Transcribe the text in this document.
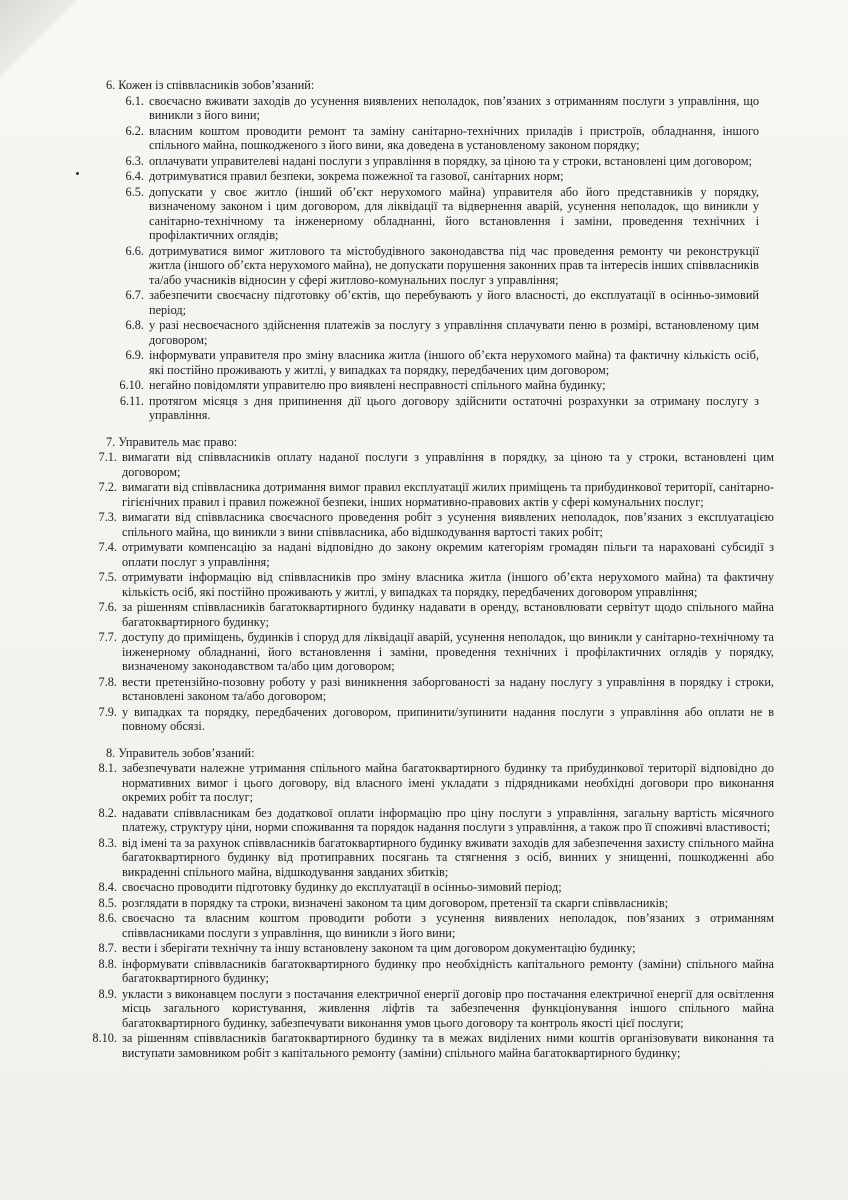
6. Кожен із співвласників зобов’язаний:
6.1. своєчасно вживати заходів до усунення виявлених неполадок, пов’язаних з отриманням послуги з управління, що виникли з його вини;
6.2. власним коштом проводити ремонт та заміну санітарно-технічних приладів і пристроїв, обладнання, іншого спільного майна, пошкодженого з його вини, яка доведена в установленому законом порядку;
6.3. оплачувати управителеві надані послуги з управління в порядку, за ціною та у строки, встановлені цим договором;
6.4. дотримуватися правил безпеки, зокрема пожежної та газової, санітарних норм;
6.5. допускати у своє житло (інший об’єкт нерухомого майна) управителя або його представників у порядку, визначеному законом і цим договором, для ліквідації та відвернення аварій, усунення неполадок, що виникли у санітарно-технічному та інженерному обладнанні, його встановлення і заміни, проведення технічних і профілактичних оглядів;
6.6. дотримуватися вимог житлового та містобудівного законодавства під час проведення ремонту чи реконструкції житла (іншого об’єкта нерухомого майна), не допускати порушення законних прав та інтересів інших співвласників та/або учасників відносин у сфері житлово-комунальних послуг з управління;
6.7. забезпечити своєчасну підготовку об’єктів, що перебувають у його власності, до експлуатації в осінньо-зимовий період;
6.8. у разі несвоєчасного здійснення платежів за послугу з управління сплачувати пеню в розмірі, встановленому цим договором;
6.9. інформувати управителя про зміну власника житла (іншого об’єкта нерухомого майна) та фактичну кількість осіб, які постійно проживають у житлі, у випадках та порядку, передбачених цим договором;
6.10. негайно повідомляти управителю про виявлені несправності спільного майна будинку;
6.11. протягом місяця з дня припинення дії цього договору здійснити остаточні розрахунки за отриману послугу з управління.
7. Управитель має право:
7.1. вимагати від співвласників оплату наданої послуги з управління в порядку, за ціною та у строки, встановлені цим договором;
7.2. вимагати від співвласника дотримання вимог правил експлуатації жилих приміщень та прибудинкової території, санітарно-гігієнічних правил і правил пожежної безпеки, інших нормативно-правових актів у сфері комунальних послуг;
7.3. вимагати від співвласника своєчасного проведення робіт з усунення виявлених неполадок, пов’язаних з експлуатацією спільного майна, що виникли з вини співвласника, або відшкодування вартості таких робіт;
7.4. отримувати компенсацію за надані відповідно до закону окремим категоріям громадян пільги та нараховані субсидії з оплати послуг з управління;
7.5. отримувати інформацію від співвласників про зміну власника житла (іншого об’єкта нерухомого майна) та фактичну кількість осіб, які постійно проживають у житлі, у випадках та порядку, передбачених договором управління;
7.6. за рішенням співвласників багатоквартирного будинку надавати в оренду, встановлювати сервітут щодо спільного майна багатоквартирного будинку;
7.7. доступу до приміщень, будинків і споруд для ліквідації аварій, усунення неполадок, що виникли у санітарно-технічному та інженерному обладнанні, його встановлення і заміни, проведення технічних і профілактичних оглядів у порядку, визначеному законодавством та/або цим договором;
7.8. вести претензійно-позовну роботу у разі виникнення заборгованості за надану послугу з управління в порядку і строки, встановлені законом та/або договором;
7.9. у випадках та порядку, передбачених договором, припинити/зупинити надання послуги з управління або оплати не в повному обсязі.
8. Управитель зобов’язаний:
8.1. забезпечувати належне утримання спільного майна багатоквартирного будинку та прибудинкової території відповідно до нормативних вимог і цього договору, від власного імені укладати з підрядниками необхідні договори про виконання окремих робіт та послуг;
8.2. надавати співвласникам без додаткової оплати інформацію про ціну послуги з управління, загальну вартість місячного платежу, структуру ціни, норми споживання та порядок надання послуги з управління, а також про її споживчі властивості;
8.3. від імені та за рахунок співвласників багатоквартирного будинку вживати заходів для забезпечення захисту спільного майна багатоквартирного будинку від протиправних посягань та стягнення з осіб, винних у знищенні, пошкодженні або викраденні спільного майна, відшкодування завданих збитків;
8.4. своєчасно проводити підготовку будинку до експлуатації в осінньо-зимовий період;
8.5. розглядати в порядку та строки, визначені законом та цим договором, претензії та скарги співвласників;
8.6. своєчасно та власним коштом проводити роботи з усунення виявлених неполадок, пов’язаних з отриманням співвласниками послуги з управління, що виникли з його вини;
8.7. вести і зберігати технічну та іншу встановлену законом та цим договором документацію будинку;
8.8. інформувати співвласників багатоквартирного будинку про необхідність капітального ремонту (заміни) спільного майна багатоквартирного будинку;
8.9. укласти з виконавцем послуги з постачання електричної енергії договір про постачання електричної енергії для освітлення місць загального користування, живлення ліфтів та забезпечення функціонування іншого спільного майна багатоквартирного будинку, забезпечувати виконання умов цього договору та контроль якості цієї послуги;
8.10. за рішенням співвласників багатоквартирного будинку та в межах виділених ними коштів організовувати виконання та виступати замовником робіт з капітального ремонту (заміни) спільного майна багатоквартирного будинку;
